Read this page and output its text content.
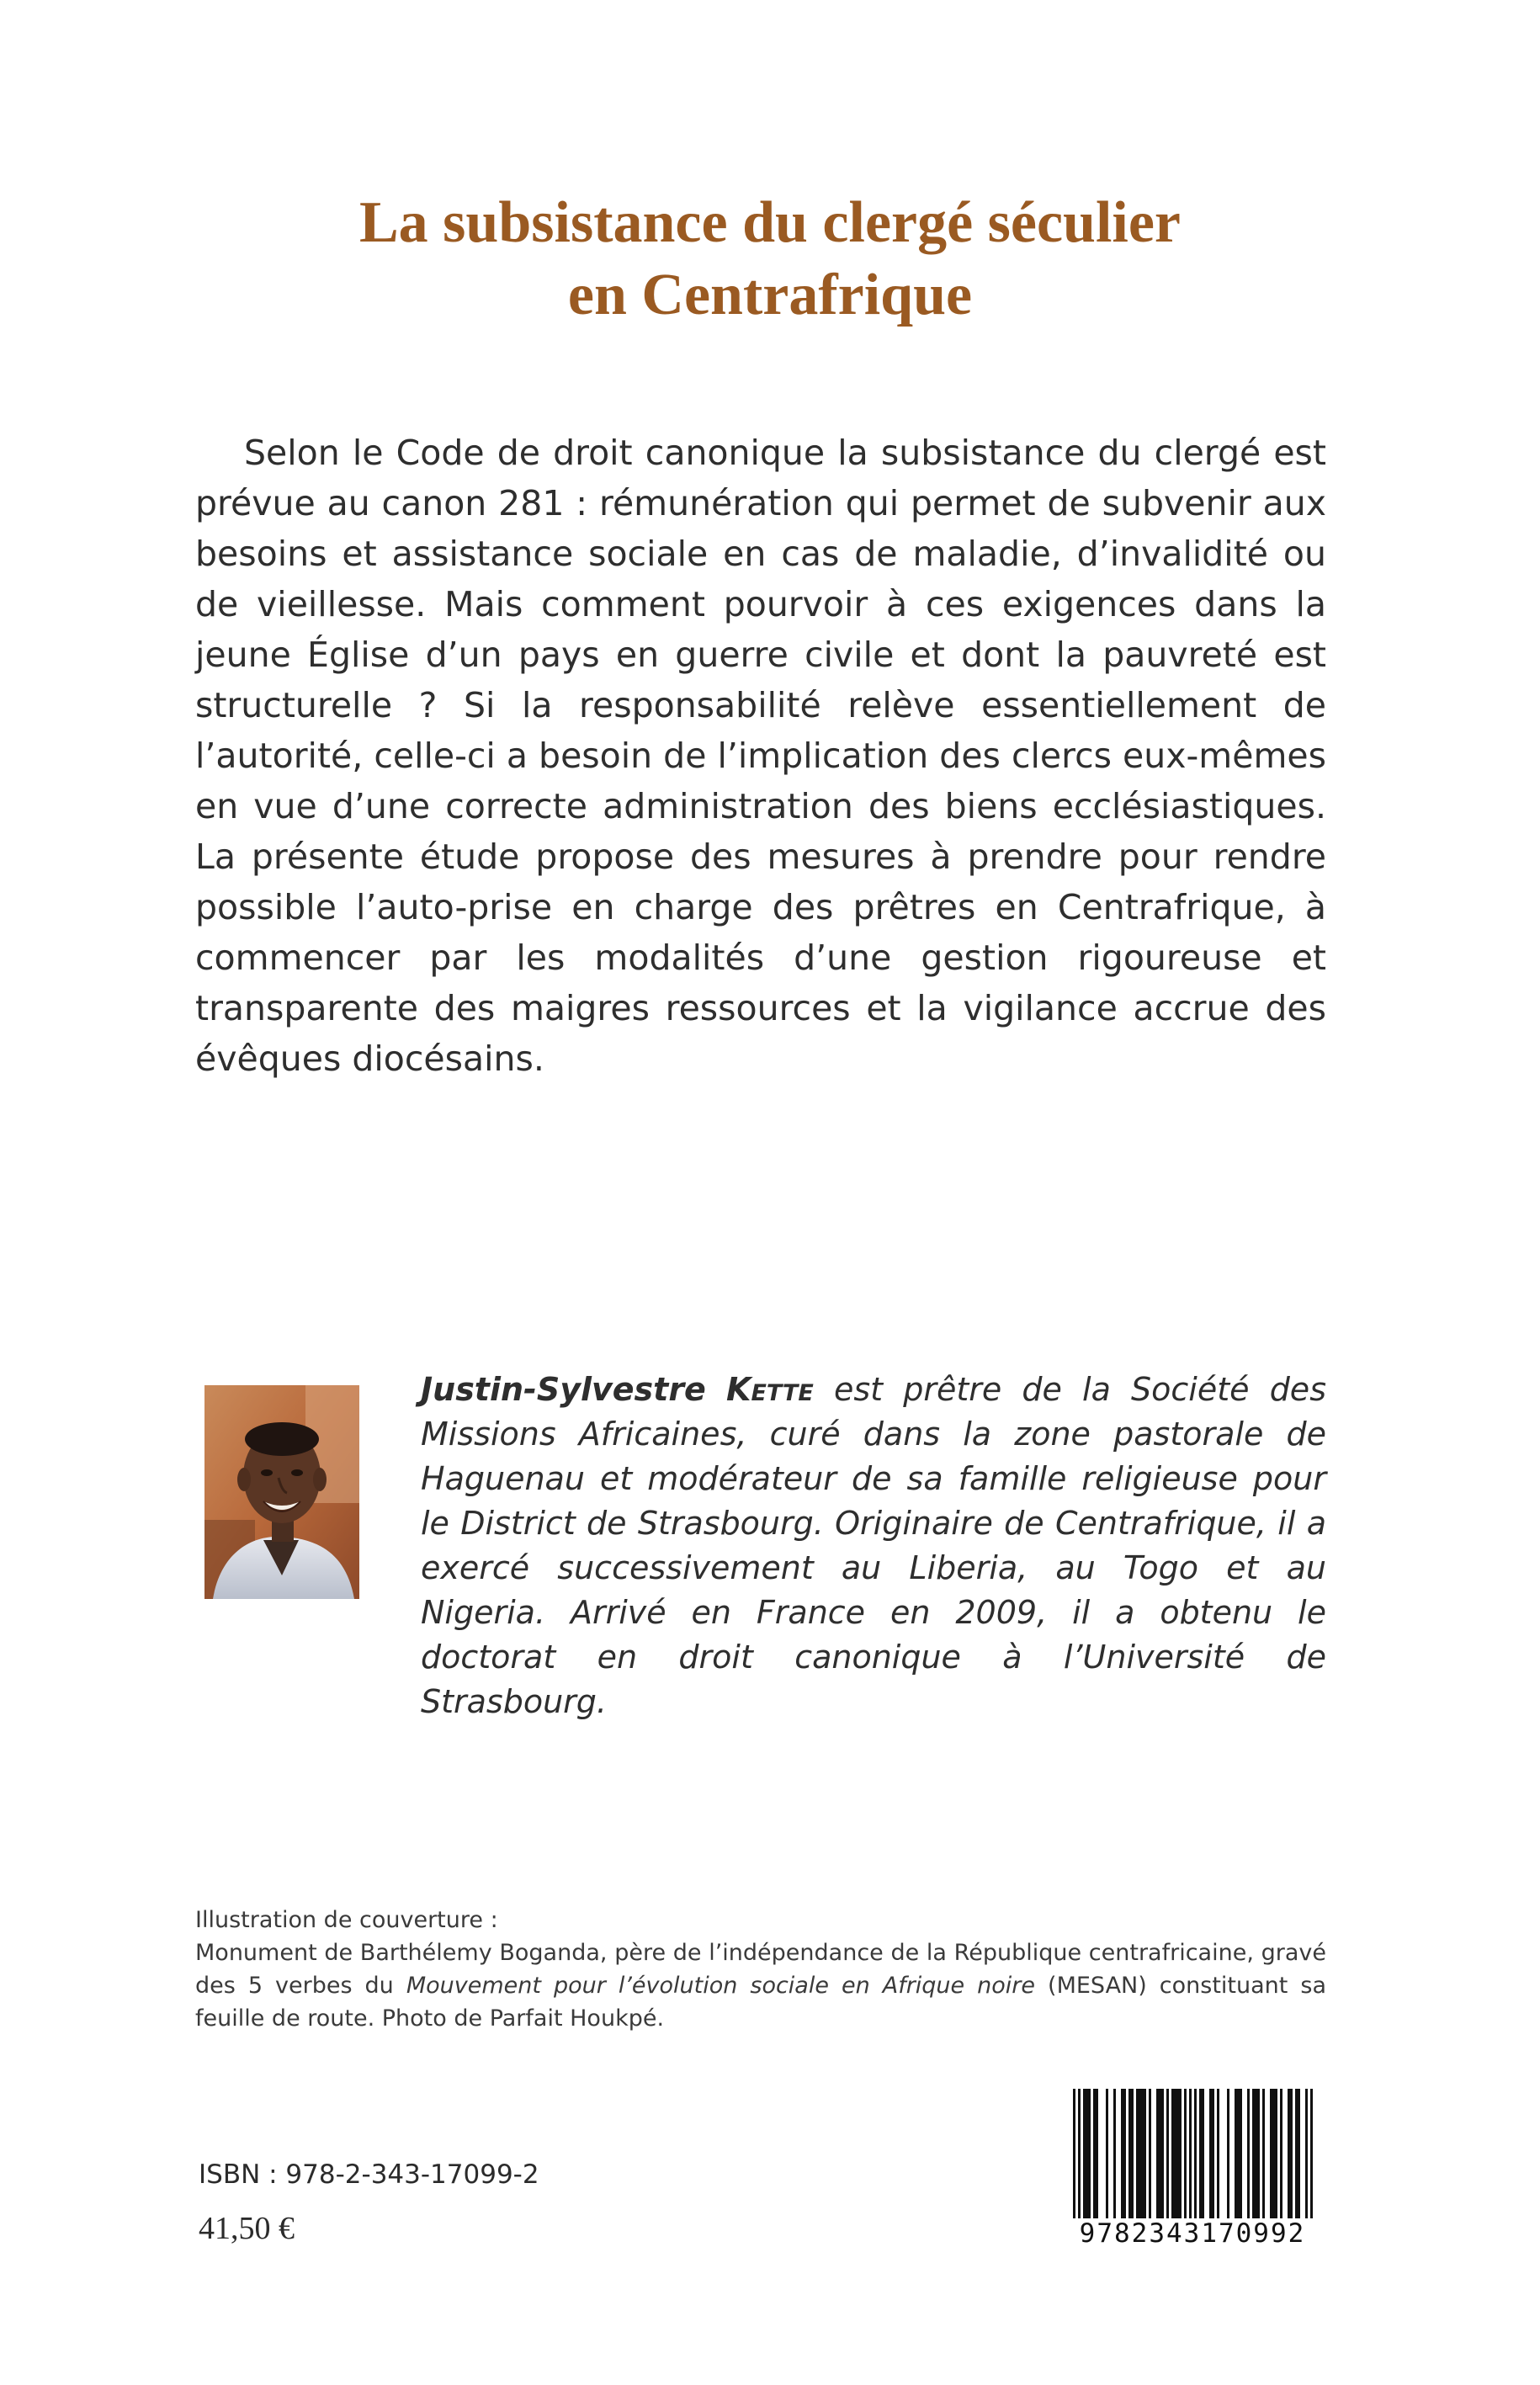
La subsistance du clergé séculier
en Centrafrique

Selon le Code de droit canonique la subsistance du clergé est prévue au canon 281 : rémunération qui permet de subvenir aux besoins et assistance sociale en cas de maladie, d’invalidité ou de vieillesse. Mais comment pourvoir à ces exigences dans la jeune Église d’un pays en guerre civile et dont la pauvreté est structurelle ? Si la responsabilité relève essentiellement de l’autorité, celle-ci a besoin de l’implication des clercs eux-mêmes en vue d’une correcte administration des biens ecclésiastiques. La présente étude propose des mesures à prendre pour rendre possible l’auto-prise en charge des prêtres en Centrafrique, à commencer par les modalités d’une gestion rigoureuse et transparente des maigres ressources et la vigilance accrue des évêques diocésains.

Justin-Sylvestre Kette est prêtre de la Société des Missions Africaines, curé dans la zone pastorale de Haguenau et modérateur de sa famille religieuse pour le District de Strasbourg. Originaire de Centrafrique, il a exercé successivement au Liberia, au Togo et au Nigeria. Arrivé en France en 2009, il a obtenu le doctorat en droit canonique à l’Université de Strasbourg.

Illustration de couverture :

Monument de Barthélemy Boganda, père de l’indépendance de la République centrafricaine, gravé des 5 verbes du Mouvement pour l’évolution sociale en Afrique noire (MESAN) constituant sa feuille de route. Photo de Parfait Houkpé.

ISBN : 978-2-343-17099-2
41,50 €	9782343170992
